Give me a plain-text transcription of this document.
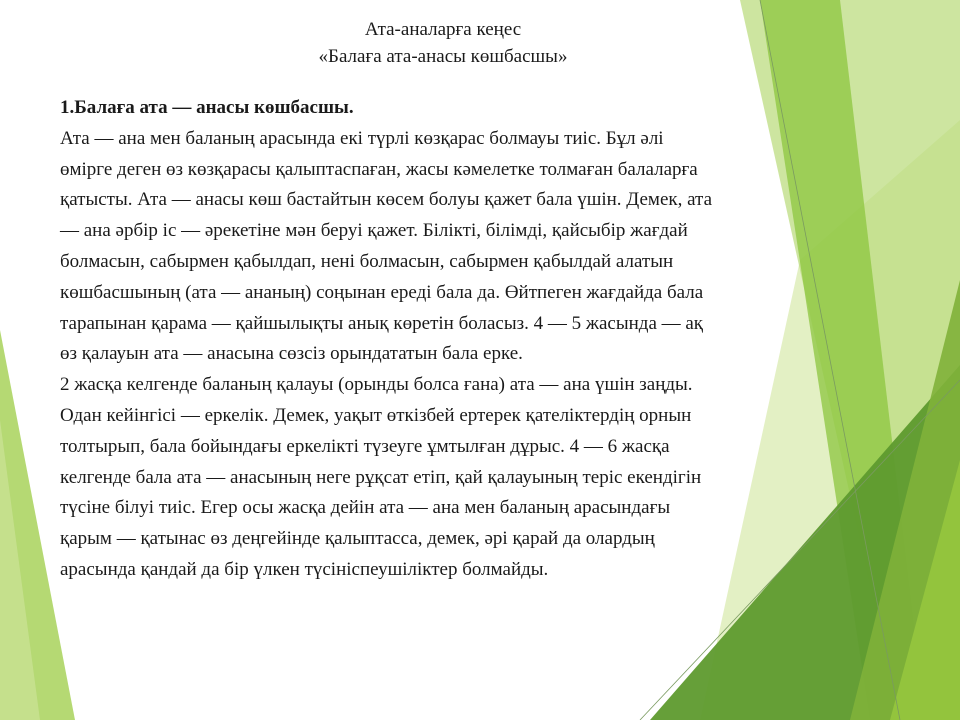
Ата-аналарға кеңес
«Балаға ата-анасы көшбасшы»
1.Балаға ата — анасы көшбасшы.
Ата — ана мен баланың арасында екі түрлі көзқарас болмауы тиіс. Бұл әлі
өмірге деген өз көзқарасы қалыптаспаған, жасы кәмелетке толмаған балаларға
қатысты. Ата — анасы көш бастайтын көсем болуы қажет бала үшін. Демек, ата
— ана әрбір іс — әрекетіне мән беруі қажет. Білікті, білімді, қайсыбір жағдай
болмасын, сабырмен қабылдап, нені болмасын, сабырмен қабылдай алатын
көшбасшының (ата — ананың) соңынан ереді бала да. Өйтпеген жағдайда бала
тарапынан қарама — қайшылықты анық көретін боласыз. 4 — 5 жасында — ақ
өз қалауын ата — анасына сөзсіз орындататын бала ерке.
2 жасқа келгенде баланың қалауы (орынды болса ғана) ата — ана үшін заңды.
Одан кейінгісі — еркелік. Демек, уақыт өткізбей ертерек қателіктердің орнын
толтырып, бала бойындағы еркелікті түзеуге ұмтылған дұрыс. 4 — 6 жасқа
келгенде бала ата — анасының неге рұқсат етіп, қай қалауының теріс екендігін
түсіне білуі тиіс. Егер осы жасқа дейін ата — ана мен баланың арасындағы
қарым — қатынас өз деңгейінде қалыптасса, демек, әрі қарай да олардың
арасында қандай да бір үлкен түсініспеушіліктер болмайды.
